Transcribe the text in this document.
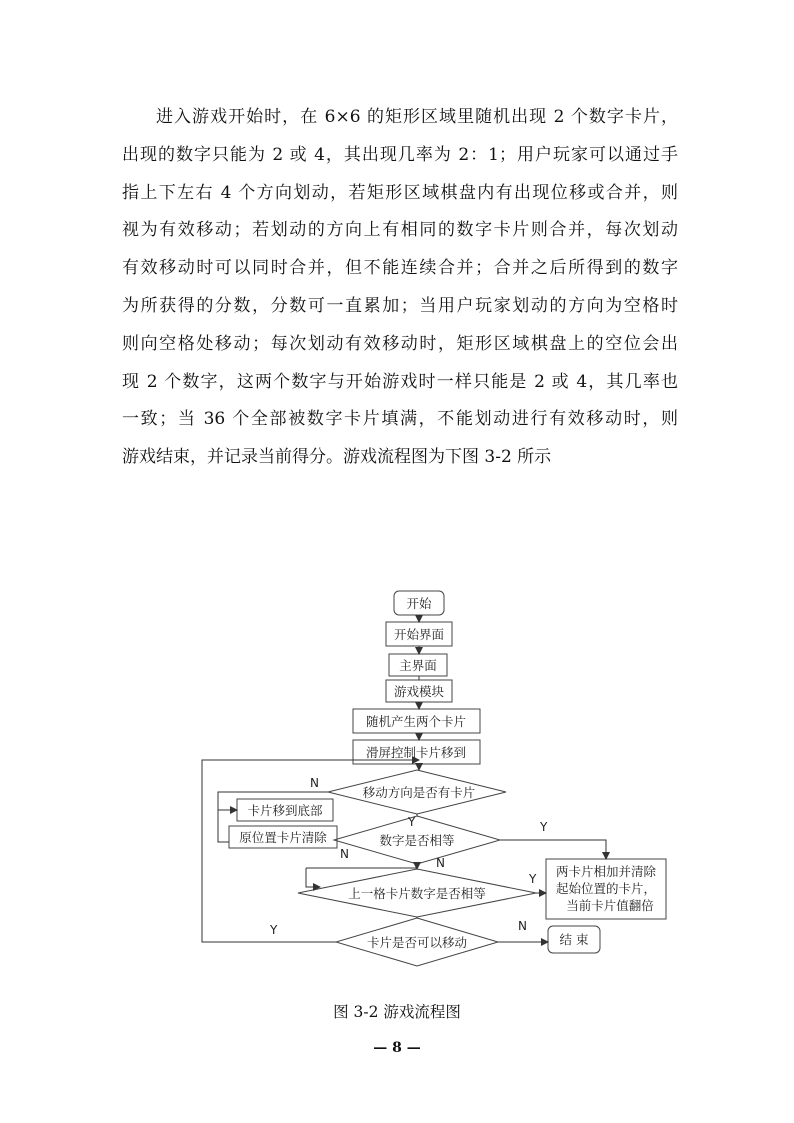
进入游戏开始时，在 6×6 的矩形区域里随机出现 2 个数字卡片，
出现的数字只能为 2 或 4，其出现几率为 2：1；用户玩家可以通过手
指上下左右 4 个方向划动，若矩形区域棋盘内有出现位移或合并，则
视为有效移动；若划动的方向上有相同的数字卡片则合并，每次划动
有效移动时可以同时合并，但不能连续合并；合并之后所得到的数字
为所获得的分数，分数可一直累加；当用户玩家划动的方向为空格时
则向空格处移动；每次划动有效移动时，矩形区域棋盘上的空位会出
现 2 个数字，这两个数字与开始游戏时一样只能是 2 或 4，其几率也
一致；当 36 个全部被数字卡片填满，不能划动进行有效移动时，则
游戏结束，并记录当前得分。游戏流程图为下图 3-2 所示
开始
开始界面
主界面
游戏模块
随机产生两个卡片
滑屏控制卡片移到
移动方向是否有卡片
卡片移到底部
原位置卡片清除	数字是否相等
上一格卡片数字是否相等
两卡片相加并清除
起始位置的卡片，
当前卡片值翻倍
卡片是否可以移动	结 束
N
Y	Y
N
N
Y
Y	N
图 3-2 游戏流程图
— 8 —
